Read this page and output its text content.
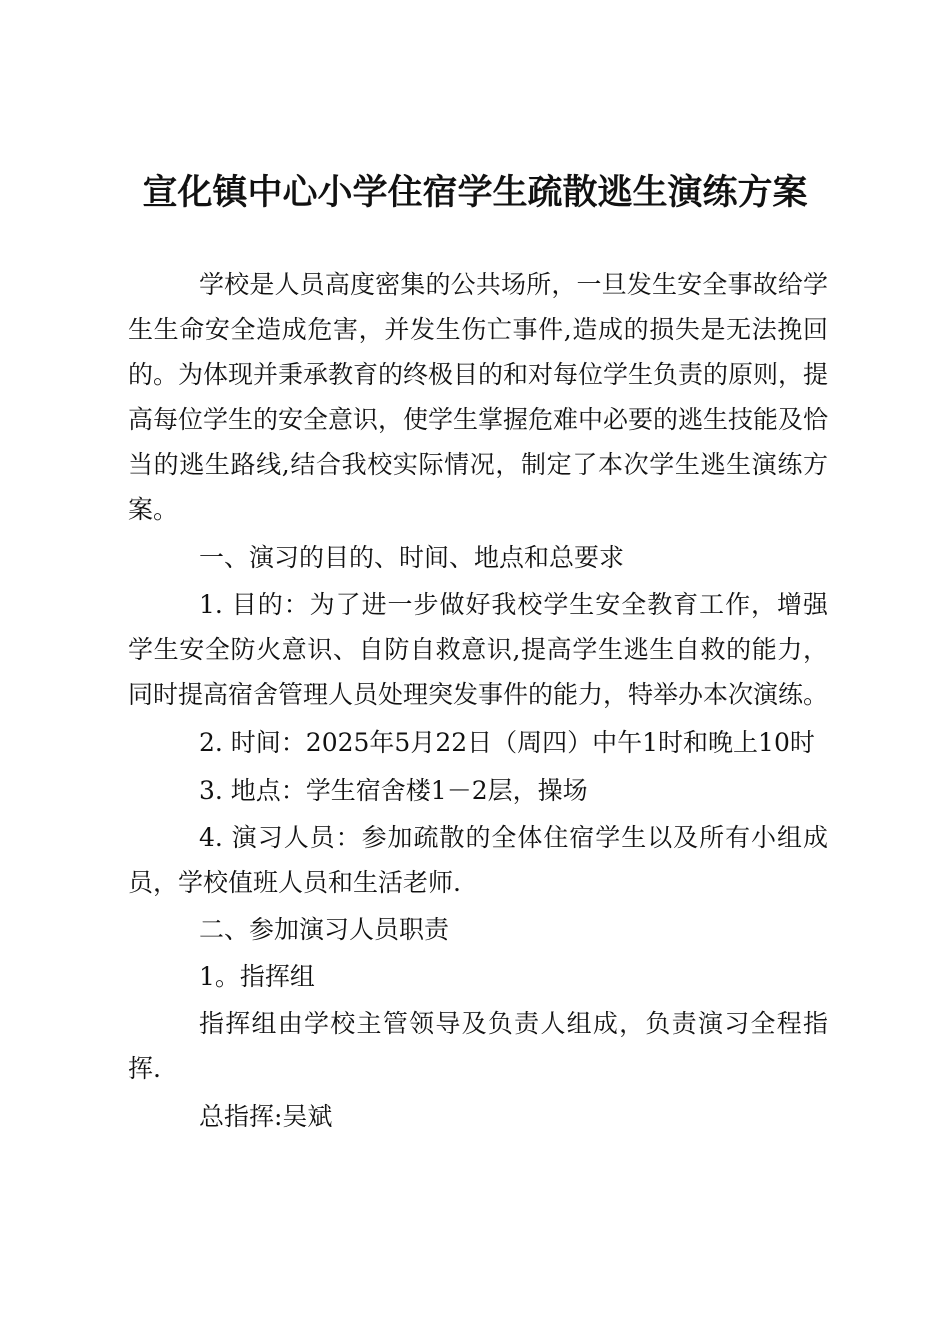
宣化镇中心小学住宿学生疏散逃生演练方案

学校是人员高度密集的公共场所，一旦发生安全事故给学生生命安全造成危害，并发生伤亡事件,造成的损失是无法挽回的。为体现并秉承教育的终极目的和对每位学生负责的原则，提高每位学生的安全意识，使学生掌握危难中必要的逃生技能及恰当的逃生路线,结合我校实际情况，制定了本次学生逃生演练方案。

一、演习的目的、时间、地点和总要求

1. 目的：为了进一步做好我校学生安全教育工作，增强学生安全防火意识、自防自救意识,提高学生逃生自救的能力，同时提高宿舍管理人员处理突发事件的能力，特举办本次演练。

2. 时间：2025年5月22日（周四）中午1时和晚上10时

3. 地点：学生宿舍楼1－2层，操场

4. 演习人员：参加疏散的全体住宿学生以及所有小组成员，学校值班人员和生活老师.

二、参加演习人员职责

1。指挥组

指挥组由学校主管领导及负责人组成，负责演习全程指挥.

总指挥:吴斌
